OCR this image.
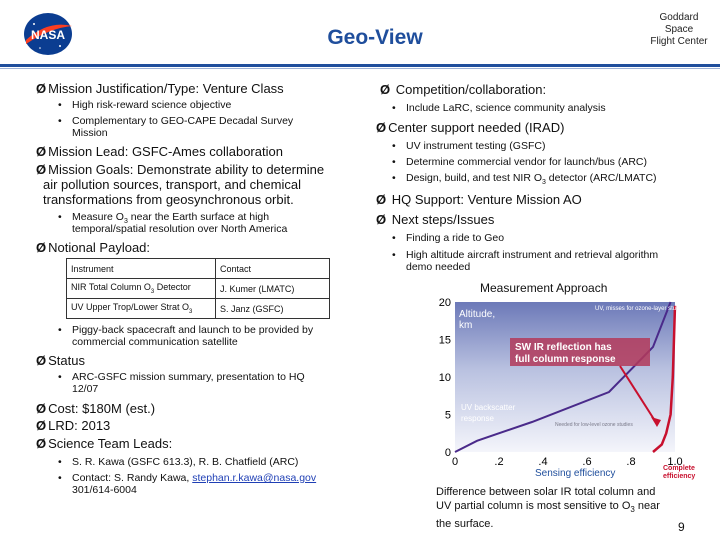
NASA	Geo-View
Goddard
Space
Flight Center
Ø Mission Justification/Type: Venture Class
• High risk-reward science objective
• Complementary to GEO-CAPE Decadal Survey
Mission
Ø Mission Lead: GSFC-Ames collaboration
Ø Mission Goals: Demonstrate ability to determine
air pollution sources, transport, and chemical
transformations from geosynchronous orbit.
• Measure $O_3$ near the Earth surface at high
temporal/spatial resolution over North America
Ø Notional Payload:
Instrument	Contact
NIR Total Column $O_3$ Detector	J. Kumer (LMATC)
UV Upper Trop/Lower Strat $O_3$	S. Janz (GSFC)
• Piggy-back spacecraft and launch to be provided by
commercial communication satellite
Ø Status
• ARC-GSFC mission summary, presentation to HQ
12/07
Ø Cost: $180M (est.)
Ø LRD: 2013
Ø Science Team Leads:
• S. R. Kawa (GSFC 613.3), R. B. Chatfield (ARC)
• Contact: S. Randy Kawa, stephan.r.kawa@nasa.gov
301/614-6004
Ø Competition/collaboration:
• Include LaRC, science community analysis
Ø Center support needed (IRAD)
• UV instrument testing (GSFC)
• Determine commercial vendor for launch/bus (ARC)
• Design, build, and test NIR $O_3$ detector (ARC/LMATC)
Ø HQ Support: Venture Mission AO
Ø Next steps/Issues
• Finding a ride to Geo
• High altitude aircraft instrument and retrieval algorithm
demo needed
Measurement Approach
0
5
10
15
20
0	.2	.4	.6	.8	1.0
Altitude,
km
UV, misses for ozone-layer studies, HEBF
SW IR reflection has
full column response
UV backscatter
response
Needed for low-level ozone studies
Sensing efficiency	Complete
efficiency
Difference between solar IR total column and
UV partial column is most sensitive to $O_3$ near
the surface.	9
